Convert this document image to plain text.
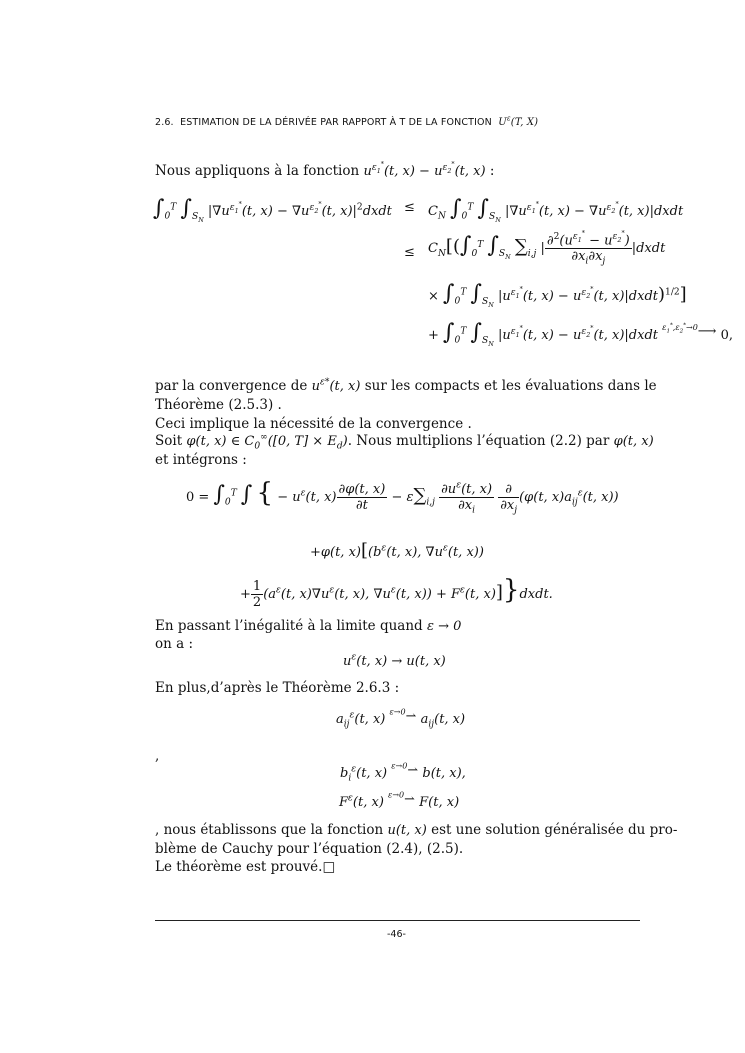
2.6. ESTIMATION DE LA DÉRIVÉE PAR RAPPORT À T DE LA FONCTION $U^\varepsilon(T$, X)
Nous appliquons à la fonction $u^{\varepsilon_1^*}(t$, $x) - u^{\varepsilon_2^*}(t$, x) :
$\int_0^T$ $\int_{S_N}$ $|\nabla u^{\varepsilon_1^*}(t$, $x) - \nabla u^{\varepsilon_2^*}(t$, $x)|^2dxdt \le C_N$ $\int_0^T$ $\int_{S_N}$ $|\nabla u^{\varepsilon_1^*}(t$, $x) - \nabla u^{\varepsilon_2^*}(t$, x)|dxdt
≤ $C_N[(\int_0^T$ $\int_{S_N}$ $\sum_{i,j}$ | $\frac{\partial^2(u^{\varepsilon_1^*} - u^{\varepsilon_2^*})}{\partial x_i\partial x_j}$ |dxdt
× $\int_0^T$ $\int_{S_N}$ $|u^{\varepsilon_1^*}(t$, $x) - u^{\varepsilon_2^*}(t$, x)|dxdt)$^{1/2}$]
+ $\int_0^T$ $\int_{S_N}$ $|u^{\varepsilon_1^*}(t$, $x) - u^{\varepsilon_2^*}(t$, x)|dxdt $^{\varepsilon_1^*,\varepsilon_2^*\to 0}$⟶ 0,
par la convergence de $u^{\varepsilon*}(t$, x) sur les compacts et les évaluations dans le
Théorème (2.5.3) .
Ceci implique la nécessité de la convergence .
Soit φ(t, x) ∈ $C_0^\infty([0$, $T] \times E_d$). Nous multiplions l’équation (2.2) par φ(t, x)
et intégrons :
$0 = \int_0^T$ ∫ { − $u^\varepsilon(t$, $x) \frac{\partial\varphi(t, x)}{\partial t} - \varepsilon\sum_{i,j} \frac{\partial u^\varepsilon(t, x)}{\partial x_i}$
$\frac{\partial}{\partial x_j} (\varphi(t$, $x)a_{ij}^\varepsilon(t$, x))
+φ(t, $x)[(b^\varepsilon(t$, x), $\nabla u^\varepsilon(t$, x))
+ $\frac{1}{2} (a^\varepsilon(t$, $x)\nabla u^\varepsilon(t$, x), $\nabla u^\varepsilon(t$, $x)) + F^\varepsilon(t$, x)]}dxdt.
En passant l’inégalité à la limite quand ε → 0
on a :
$u^\varepsilon(t$, x) → u(t, x)
En plus,d’après le Théorème 2.6.3 :
$a_{ij}^\varepsilon(t$, x) $^{\varepsilon\to 0}$⇀ $a_{ij}(t$, x)
,
$b_i^\varepsilon(t$, x) $^{\varepsilon\to 0}$⇀ b(t, x),
$F^\varepsilon(t$, x) $^{\varepsilon\to 0}$⇀ F(t, x)
, nous établissons que la fonction u(t, x) est une solution généralisée du pro-
blème de Cauchy pour l’équation (2.4), (2.5).
Le théorème est prouvé.□
-46-
